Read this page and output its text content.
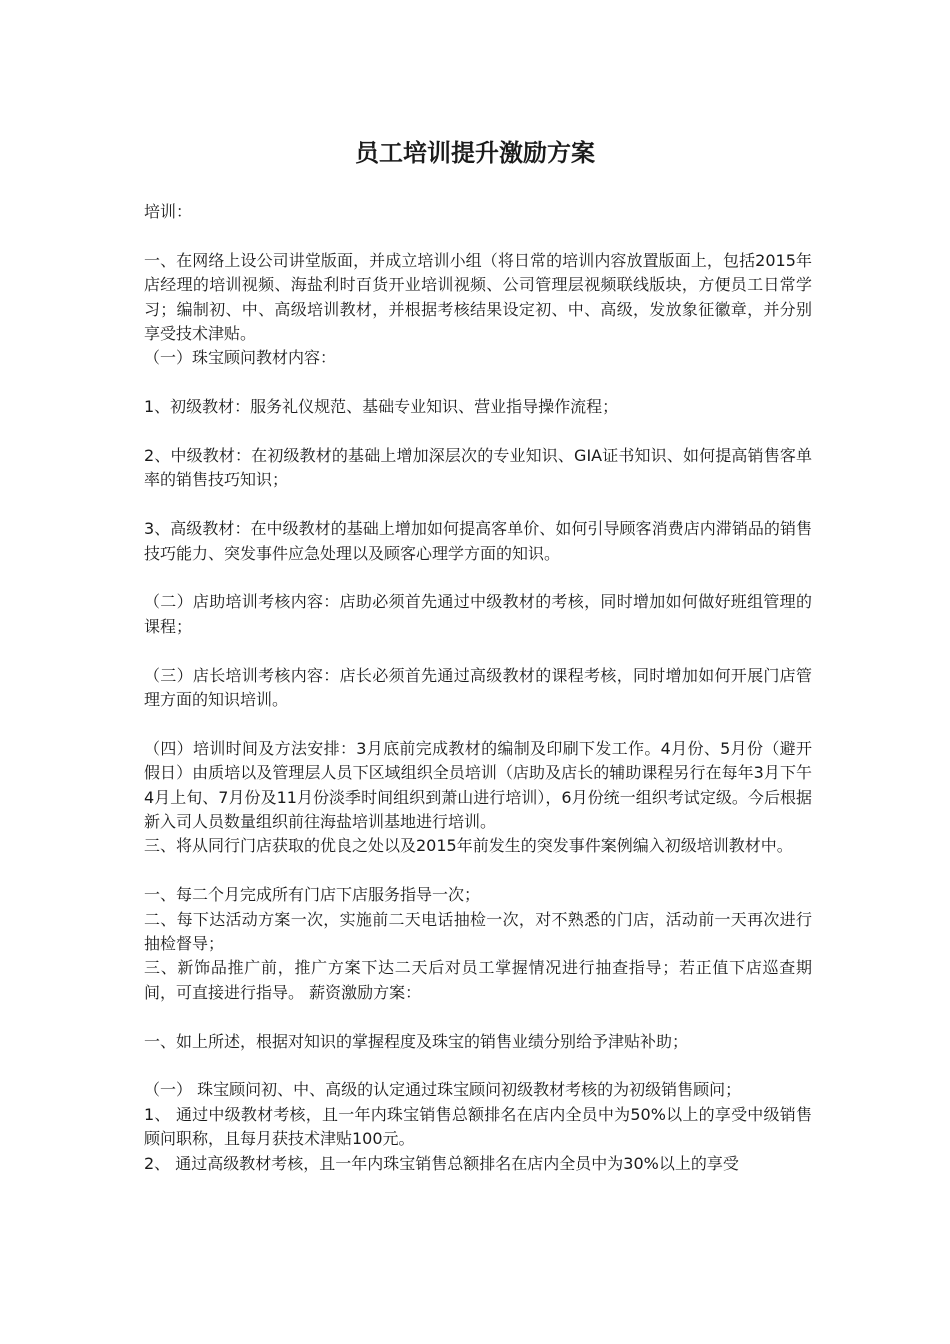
员工培训提升激励方案

培训：

一、在网络上设公司讲堂版面，并成立培训小组（将日常的培训内容放置版面上，包括2015年店经理的培训视频、海盐利时百货开业培训视频、公司管理层视频联线版块，方便员工日常学习；编制初、中、高级培训教材，并根据考核结果设定初、中、高级，发放象征徽章，并分别享受技术津贴。

（一）珠宝顾问教材内容：

1、初级教材：服务礼仪规范、基础专业知识、营业指导操作流程；

2、中级教材：在初级教材的基础上增加深层次的专业知识、GIA证书知识、如何提高销售客单率的销售技巧知识；

3、高级教材：在中级教材的基础上增加如何提高客单价、如何引导顾客消费店内滞销品的销售技巧能力、突发事件应急处理以及顾客心理学方面的知识。

（二）店助培训考核内容：店助必须首先通过中级教材的考核，同时增加如何做好班组管理的课程；

（三）店长培训考核内容：店长必须首先通过高级教材的课程考核，同时增加如何开展门店管理方面的知识培训。

（四）培训时间及方法安排：3月底前完成教材的编制及印刷下发工作。4月份、5月份（避开假日）由质培以及管理层人员下区域组织全员培训（店助及店长的辅助课程另行在每年3月下午4月上旬、7月份及11月份淡季时间组织到萧山进行培训），6月份统一组织考试定级。今后根据新入司人员数量组织前往海盐培训基地进行培训。

三、将从同行门店获取的优良之处以及2015年前发生的突发事件案例编入初级培训教材中。

一、每二个月完成所有门店下店服务指导一次；

二、每下达活动方案一次，实施前二天电话抽检一次，对不熟悉的门店，活动前一天再次进行抽检督导；

三、新饰品推广前，推广方案下达二天后对员工掌握情况进行抽查指导；若正值下店巡查期间，可直接进行指导。 薪资激励方案：

一、如上所述，根据对知识的掌握程度及珠宝的销售业绩分别给予津贴补助；

（一） 珠宝顾问初、中、高级的认定通过珠宝顾问初级教材考核的为初级销售顾问；

1、 通过中级教材考核，且一年内珠宝销售总额排名在店内全员中为50%以上的享受中级销售顾问职称，且每月获技术津贴100元。

2、 通过高级教材考核，且一年内珠宝销售总额排名在店内全员中为30%以上的享受
